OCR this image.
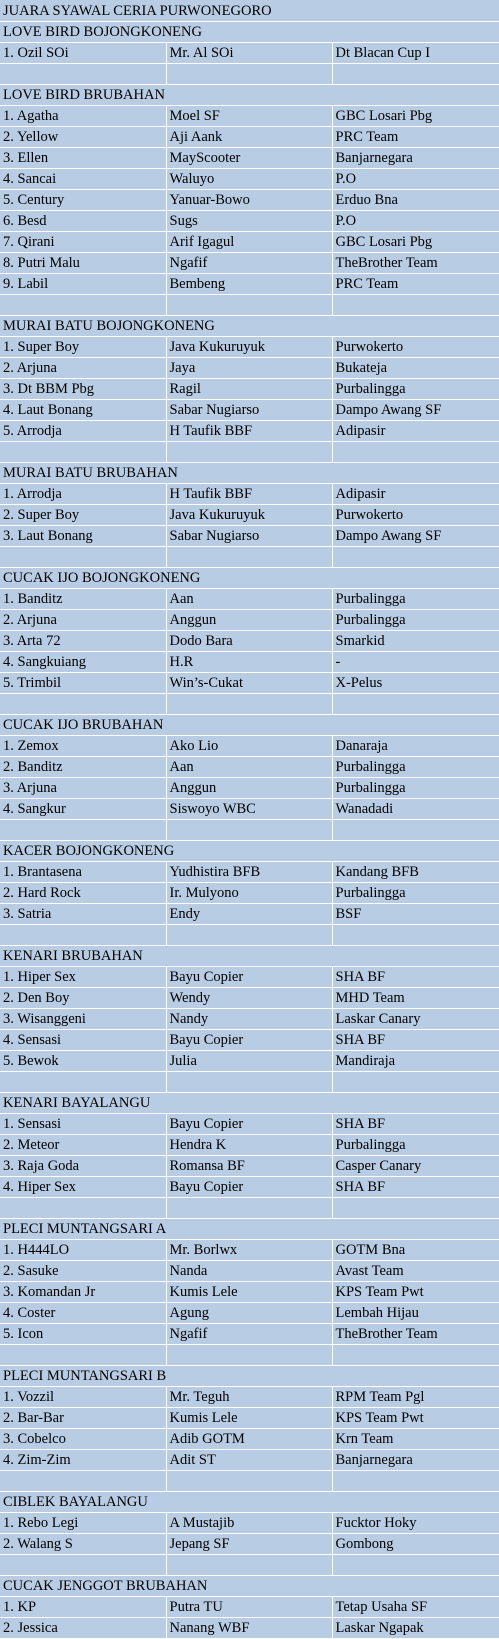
JUARA SYAWAL CERIA PURWONEGORO		
LOVE BIRD BOJONGKONENG		
1. Ozil SOi	Mr. Al SOi	Dt Blacan Cup I

LOVE BIRD BRUBAHAN		
1. Agatha	Moel SF	GBC Losari Pbg
2. Yellow	Aji Aank	PRC Team
3. Ellen	MayScooter	Banjarnegara
4. Sancai	Waluyo	P.O
5. Century	Yanuar-Bowo	Erduo Bna
6. Besd	Sugs	P.O
7. Qirani	Arif Igagul	GBC Losari Pbg
8. Putri Malu	Ngafif	TheBrother Team
9. Labil	Bembeng	PRC Team

MURAI BATU BOJONGKONENG		
1. Super Boy	Java Kukuruyuk	Purwokerto
2. Arjuna	Jaya	Bukateja
3. Dt BBM Pbg	Ragil	Purbalingga
4. Laut Bonang	Sabar Nugiarso	Dampo Awang SF
5. Arrodja	H Taufik BBF	Adipasir

MURAI BATU BRUBAHAN		
1. Arrodja	H Taufik BBF	Adipasir
2. Super Boy	Java Kukuruyuk	Purwokerto
3. Laut Bonang	Sabar Nugiarso	Dampo Awang SF

CUCAK IJO BOJONGKONENG		
1. Banditz	Aan	Purbalingga
2. Arjuna	Anggun	Purbalingga
3. Arta 72	Dodo Bara	Smarkid
4. Sangkuiang	H.R	-
5. Trimbil	Win’s-Cukat	X-Pelus

CUCAK IJO BRUBAHAN		
1. Zemox	Ako Lio	Danaraja
2. Banditz	Aan	Purbalingga
3. Arjuna	Anggun	Purbalingga
4. Sangkur	Siswoyo WBC	Wanadadi

KACER BOJONGKONENG		
1. Brantasena	Yudhistira BFB	Kandang BFB
2. Hard Rock	Ir. Mulyono	Purbalingga
3. Satria	Endy	BSF

KENARI BRUBAHAN		
1. Hiper Sex	Bayu Copier	SHA BF
2. Den Boy	Wendy	MHD Team
3. Wisanggeni	Nandy	Laskar Canary
4. Sensasi	Bayu Copier	SHA BF
5. Bewok	Julia	Mandiraja

KENARI BAYALANGU		
1. Sensasi	Bayu Copier	SHA BF
2. Meteor	Hendra K	Purbalingga
3. Raja Goda	Romansa BF	Casper Canary
4. Hiper Sex	Bayu Copier	SHA BF

PLECI MUNTANGSARI A		
1. H444LO	Mr. Borlwx	GOTM Bna
2. Sasuke	Nanda	Avast Team
3. Komandan Jr	Kumis Lele	KPS Team Pwt
4. Coster	Agung	Lembah Hijau
5. Icon	Ngafif	TheBrother Team

PLECI MUNTANGSARI B		
1. Vozzil	Mr. Teguh	RPM Team Pgl
2. Bar-Bar	Kumis Lele	KPS Team Pwt
3. Cobelco	Adib GOTM	Krn Team
4. Zim-Zim	Adit ST	Banjarnegara

CIBLEK BAYALANGU		
1. Rebo Legi	A Mustajib	Fucktor Hoky
2. Walang S	Jepang SF	Gombong

CUCAK JENGGOT BRUBAHAN		
1. KP	Putra TU	Tetap Usaha SF
2. Jessica	Nanang WBF	Laskar Ngapak
